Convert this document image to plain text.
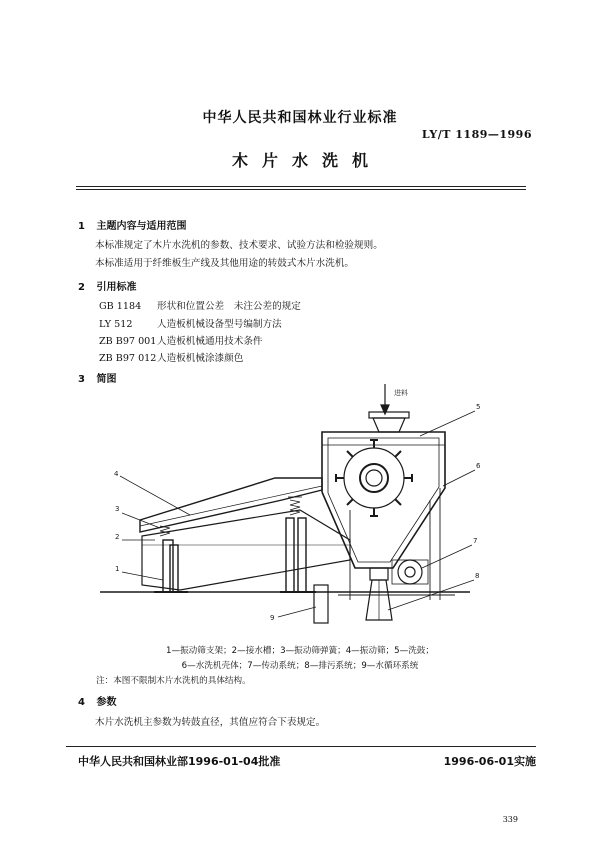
中华人民共和国林业行业标准
LY/T 1189—1996
木片水洗机
1 主题内容与适用范围
本标准规定了木片水洗机的参数、技术要求、试验方法和检验规则。
本标准适用于纤维板生产线及其他用途的转鼓式木片水洗机。
2 引用标准
GB 1184 形状和位置公差　未注公差的规定
LY 512	人造板机械设备型号编制方法
ZB B97 001人造板机械通用技术条件
ZB B97 012人造板机械涂漆颜色
3 简图
进料
1
2
3
4
5
6
7
8
9
1—振动筛支架；2—接水槽；3—振动筛弹簧；4—振动筛；5—洗鼓；
6—水洗机壳体；7—传动系统；8—排污系统；9—水循环系统
注：本图不限制木片水洗机的具体结构。
4 参数
木片水洗机主参数为转鼓直径，其值应符合下表规定。
中华人民共和国林业部1996-01-04批准	1996-06-01实施
339
